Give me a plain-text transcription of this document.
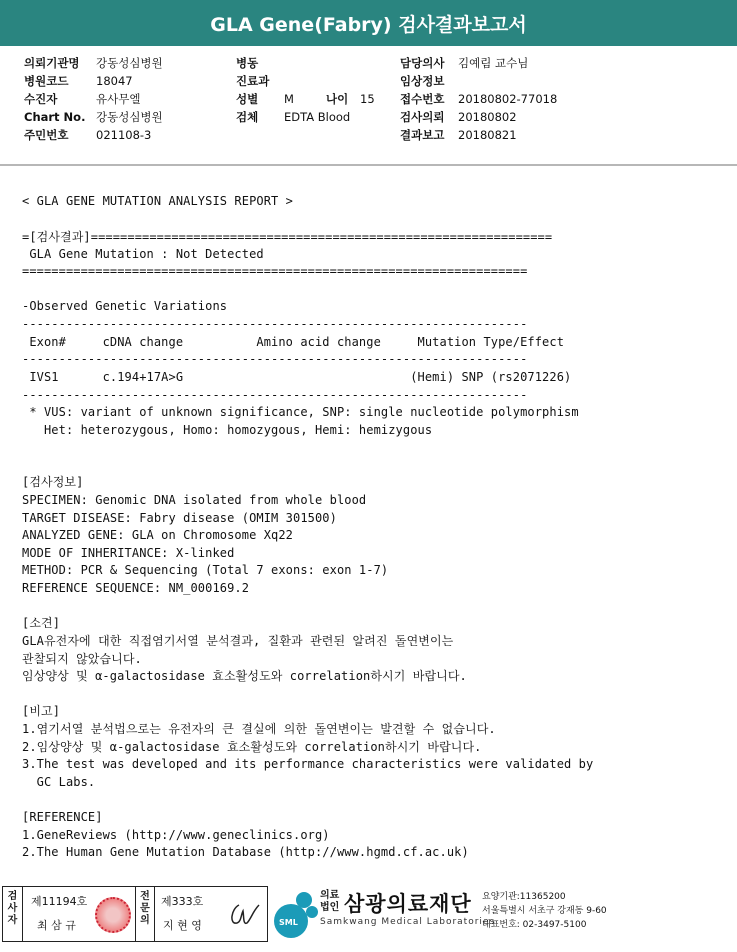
GLA Gene(Fabry) 검사결과보고서
의뢰기관명 강동성심병원
병원코드 18047
수진자	유사무엘
Chart No. 강동성심병원
주민번호 021108-3
병동
진료과
성별 M	나이 15
검체 EDTA Blood
담당의사 김예림 교수님
임상정보
접수번호 20180802-77018
검사의뢰 20180802
결과보고 20180821
< GLA GENE MUTATION ANALYSIS REPORT >
=[검사결과]===============================================================
GLA Gene Mutation : Not Detected
=====================================================================
-Observed Genetic Variations
---------------------------------------------------------------------
Exon#     cDNA change          Amino acid change     Mutation Type/Effect
---------------------------------------------------------------------
IVS1      c.194+17A>G                               (Hemi) SNP (rs2071226)
---------------------------------------------------------------------
* VUS: variant of unknown significance, SNP: single nucleotide polymorphism
Het: heterozygous, Homo: homozygous, Hemi: hemizygous
[검사정보]
SPECIMEN: Genomic DNA isolated from whole blood
TARGET DISEASE: Fabry disease (OMIM 301500)
ANALYZED GENE: GLA on Chromosome Xq22
MODE OF INHERITANCE: X-linked
METHOD: PCR & Sequencing (Total 7 exons: exon 1-7)
REFERENCE SEQUENCE: NM_000169.2
[소견]
GLA유전자에 대한 직접염기서열 분석결과, 질환과 관련된 알려진 돌연변이는
관찰되지 않았습니다.
임상양상 및 α-galactosidase 효소활성도와 correlation하시기 바랍니다.
[비고]
1.염기서열 분석법으로는 유전자의 큰 결실에 의한 돌연변이는 발견할 수 없습니다.
2.임상양상 및 α-galactosidase 효소활성도와 correlation하시기 바랍니다.
3.The test was developed and its performance characteristics were validated by
GC Labs.
[REFERENCE]
1.GeneReviews (http://www.geneclinics.org)
2.The Human Gene Mutation Database (http://www.hgmd.cf.ac.uk)
검사자
제11194호
최 삼 규
전문의
제333호
지 현 영	SML
의료법인 삼광의료재단
Samkwang Medical Laboratories
요양기관:11365200
서울특별시 서초구 강재동 9-60
대표번호: 02-3497-5100
